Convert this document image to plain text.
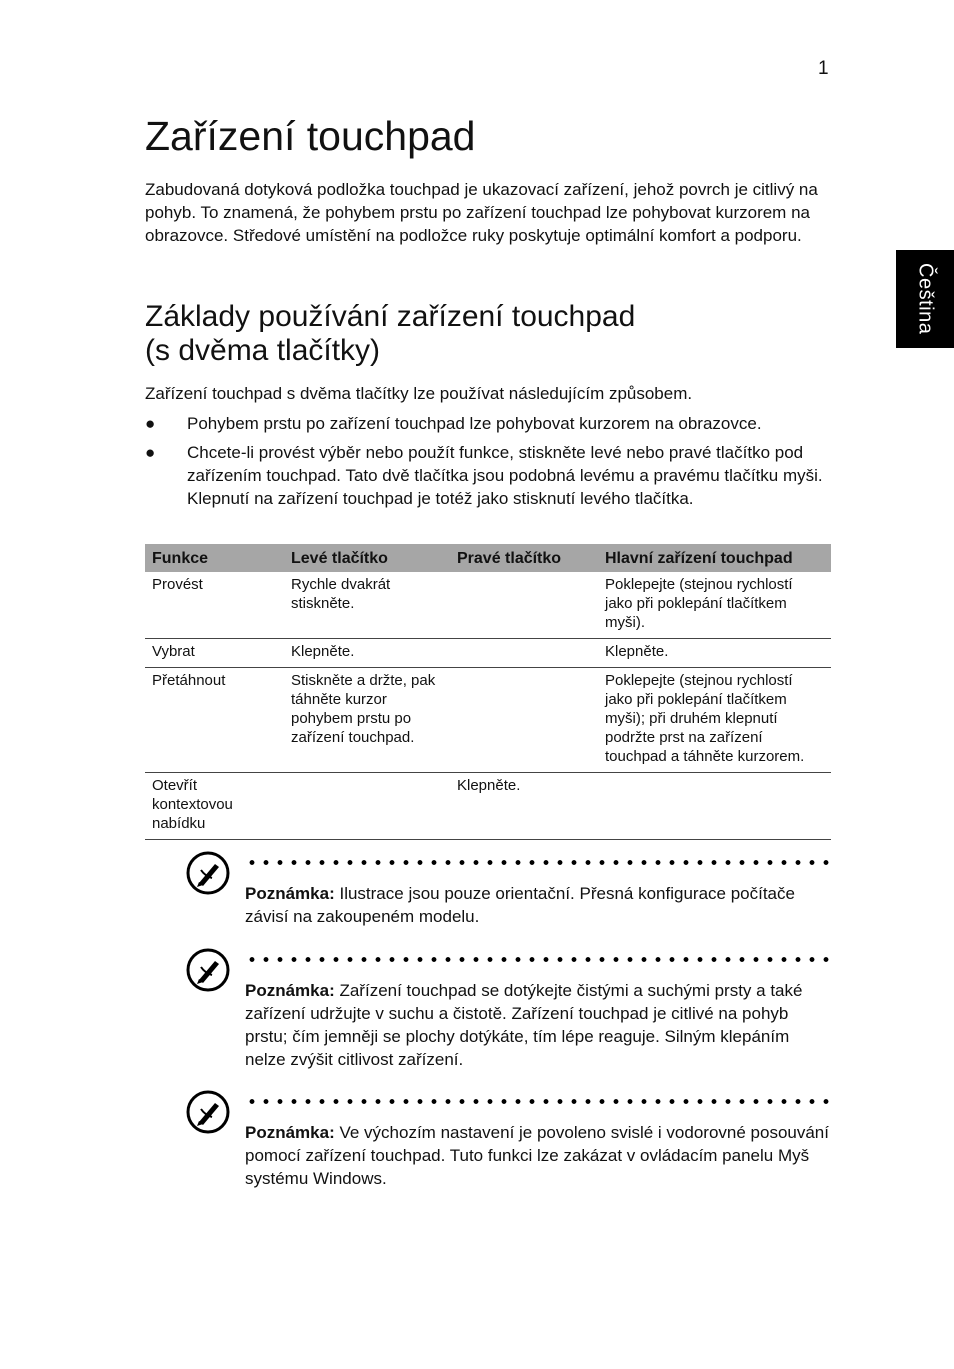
1
Čeština
Zařízení touchpad

Zabudovaná dotyková podložka touchpad je ukazovací zařízení, jehož povrch je citlivý na pohyb. To znamená, že pohybem prstu po zařízení touchpad lze pohybovat kurzorem na obrazovce. Středové umístění na podložce ruky poskytuje optimální komfort a podporu.

Základy používání zařízení touchpad
(s dvěma tlačítky)

Zařízení touchpad s dvěma tlačítky lze používat následujícím způsobem.

●	Pohybem prstu po zařízení touchpad lze pohybovat kurzorem na obrazovce.
●	Chcete-li provést výběr nebo použít funkce, stiskněte levé nebo pravé tlačítko pod zařízením touchpad. Tato dvě tlačítka jsou podobná levému a pravému tlačítku myši. Klepnutí na zařízení touchpad je totéž jako stisknutí levého tlačítka.
Funkce	Levé tlačítko	Pravé tlačítko	Hlavní zařízení touchpad
Provést	Rychle dvakrát stiskněte.		Poklepejte (stejnou rychlostí jako při poklepání tlačítkem myši).
Vybrat	Klepněte.		Klepněte.
Přetáhnout	Stiskněte a držte, pak táhněte kurzor pohybem prstu po zařízení touchpad.		Poklepejte (stejnou rychlostí jako při poklepání tlačítkem myši); při druhém klepnutí podržte prst na zařízení touchpad a táhněte kurzorem.
Otevřít kontextovou nabídku		Klepněte.	
Poznámka: Ilustrace jsou pouze orientační. Přesná konfigurace počítače závisí na zakoupeném modelu.
Poznámka: Zařízení touchpad se dotýkejte čistými a suchými prsty a také zařízení udržujte v suchu a čistotě. Zařízení touchpad je citlivé na pohyb prstu; čím jemněji se plochy dotýkáte, tím lépe reaguje. Silným klepáním nelze zvýšit citlivost zařízení.
Poznámka: Ve výchozím nastavení je povoleno svislé i vodorovné posouvání pomocí zařízení touchpad. Tuto funkci lze zakázat v ovládacím panelu Myš systému Windows.
